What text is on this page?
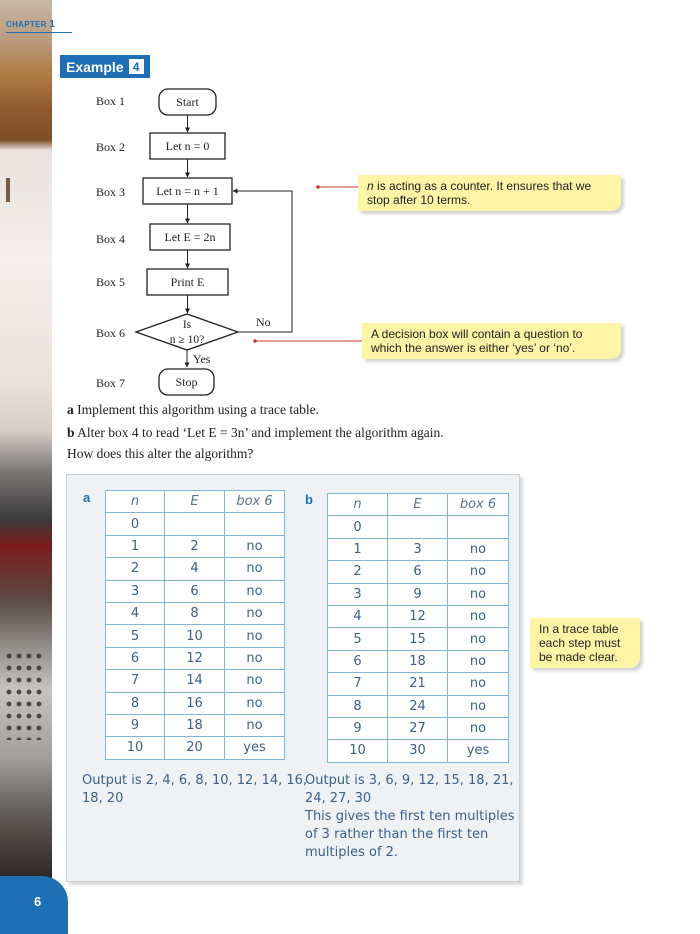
CHAPTER 1
Example 4
Box 1
Box 2
Box 3
Box 4
Box 5
Box 6
Box 7
Start
Let n = 0
Let n = n + 1
Let E = 2n
Print E
Is
n ≥ 10?
No
Yes
Stop
n is acting as a counter. It ensures that we stop after 10 terms.
A decision box will contain a question to which the answer is either ‘yes’ or ‘no’.
a Implement this algorithm using a trace table.
b Alter box 4 to read ‘Let E = 3n’ and implement the algorithm again.
How does this alter the algorithm?
a	b
n	E	box 6
0		
1	2	no
2	4	no
3	6	no
4	8	no
5	10	no
6	12	no
7	14	no
8	16	no
9	18	no
10	20	yes
n	E	box 6
0		
1	3	no
2	6	no
3	9	no
4	12	no
5	15	no
6	18	no
7	21	no
8	24	no
9	27	no
10	30	yes
Output is 2, 4, 6, 8, 10, 12, 14, 16,
18, 20
Output is 3, 6, 9, 12, 15, 18, 21,
24, 27, 30
This gives the first ten multiples
of 3 rather than the first ten
multiples of 2.
In a trace table each step must be made clear.
6
